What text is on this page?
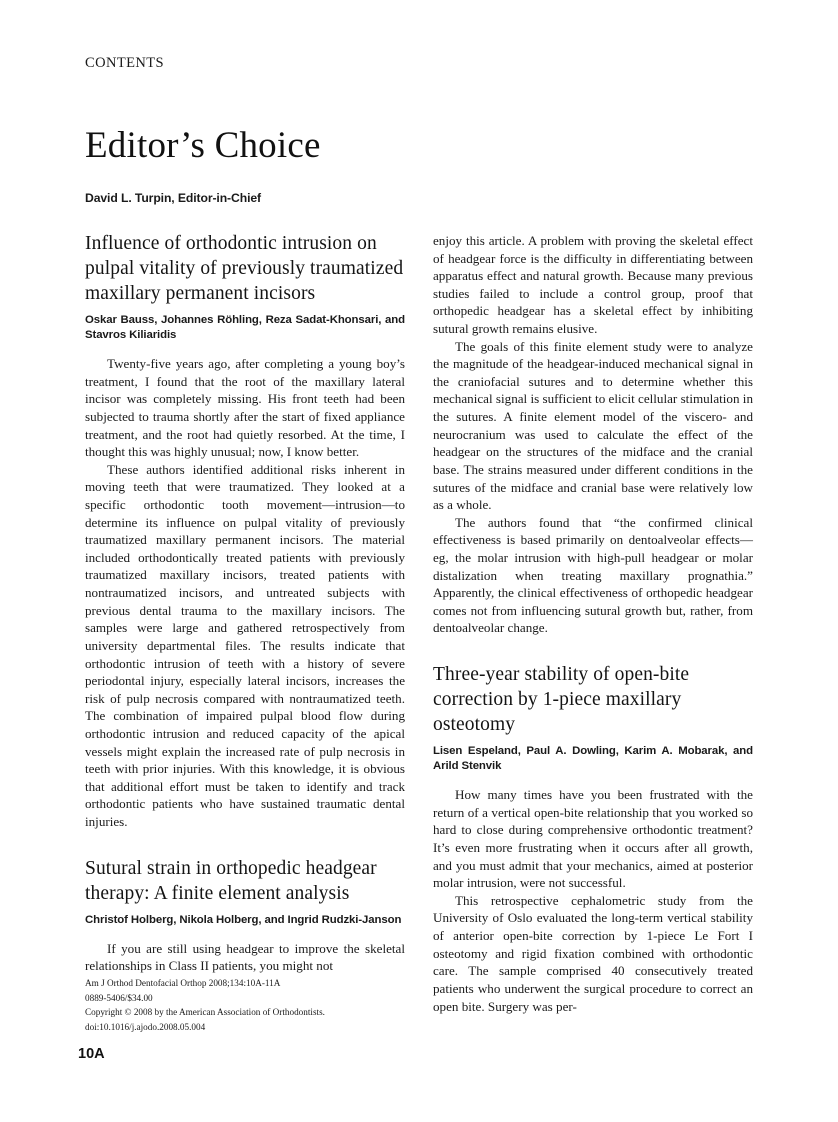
CONTENTS
Editor’s Choice
David L. Turpin, Editor-in-Chief
Influence of orthodontic intrusion on pulpal vitality of previously traumatized maxillary permanent incisors
Oskar Bauss, Johannes Röhling, Reza Sadat-Khonsari, and Stavros Kiliaridis

Twenty-five years ago, after completing a young boy’s treatment, I found that the root of the maxillary lateral incisor was completely missing. His front teeth had been subjected to trauma shortly after the start of fixed appliance treatment, and the root had quietly resorbed. At the time, I thought this was highly unusual; now, I know better.

These authors identified additional risks inherent in moving teeth that were traumatized. They looked at a specific orthodontic tooth movement—intrusion—to determine its influence on pulpal vitality of previously traumatized maxillary permanent incisors. The material included orthodontically treated patients with previously traumatized maxillary incisors, treated patients with nontraumatized incisors, and untreated subjects with previous dental trauma to the maxillary incisors. The samples were large and gathered retrospectively from university departmental files. The results indicate that orthodontic intrusion of teeth with a history of severe periodontal injury, especially lateral incisors, increases the risk of pulp necrosis compared with nontraumatized teeth. The combination of impaired pulpal blood flow during orthodontic intrusion and reduced capacity of the apical vessels might explain the increased rate of pulp necrosis in teeth with prior injuries. With this knowledge, it is obvious that additional effort must be taken to identify and track orthodontic patients who have sustained traumatic dental injuries.

Sutural strain in orthopedic headgear therapy: A finite element analysis
Christof Holberg, Nikola Holberg, and Ingrid Rudzki-Janson

If you are still using headgear to improve the skeletal relationships in Class II patients, you might not

enjoy this article. A problem with proving the skeletal effect of headgear force is the difficulty in differentiating between apparatus effect and natural growth. Because many previous studies failed to include a control group, proof that orthopedic headgear has a skeletal effect by inhibiting sutural growth remains elusive.

The goals of this finite element study were to analyze the magnitude of the headgear-induced mechanical signal in the craniofacial sutures and to determine whether this mechanical signal is sufficient to elicit cellular stimulation in the sutures. A finite element model of the viscero- and neurocranium was used to calculate the effect of the headgear on the structures of the midface and the cranial base. The strains measured under different conditions in the sutures of the midface and cranial base were relatively low as a whole.

The authors found that “the confirmed clinical effectiveness is based primarily on dentoalveolar effects—eg, the molar intrusion with high-pull headgear or molar distalization when treating maxillary prognathia.” Apparently, the clinical effectiveness of orthopedic headgear comes not from influencing sutural growth but, rather, from dentoalveolar change.

Three-year stability of open-bite correction by 1-piece maxillary osteotomy
Lisen Espeland, Paul A. Dowling, Karim A. Mobarak, and Arild Stenvik

How many times have you been frustrated with the return of a vertical open-bite relationship that you worked so hard to close during comprehensive orthodontic treatment? It’s even more frustrating when it occurs after all growth, and you must admit that your mechanics, aimed at posterior molar intrusion, were not successful.

This retrospective cephalometric study from the University of Oslo evaluated the long-term vertical stability of anterior open-bite correction by 1-piece Le Fort I osteotomy and rigid fixation combined with orthodontic care. The sample comprised 40 consecutively treated patients who underwent the surgical procedure to correct an open bite. Surgery was per-

Am J Orthod Dentofacial Orthop 2008;134:10A-11A
0889-5406/$34.00
Copyright © 2008 by the American Association of Orthodontists.
doi:10.1016/j.ajodo.2008.05.004
10A
